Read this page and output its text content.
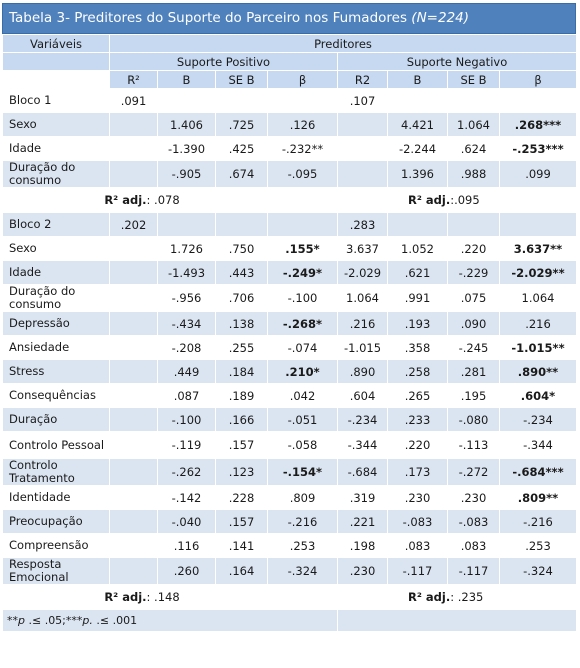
Tabela 3- Preditores do Suporte do Parceiro nos Fumadores (N=224)
Variáveis	Preditores							
	Suporte Positivo				Suporte Negativo			
	R²	B	SE B	β	R2	B	SE B	β
Bloco 1	.091				.107			
Sexo		1.406	.725	.126		4.421	1.064	.268***
Idade		-1.390	.425	-.232**		-2.244	.624	-.253***
Duração do consumo		-.905	.674	-.095		1.396	.988	.099
R² adj.: .078					R² adj.:.095			
Bloco 2	.202				.283			
Sexo		1.726	.750	.155*	3.637	1.052	.220	3.637**
Idade		-1.493	.443	-.249*	-2.029	.621	-.229	-2.029**
Duração do consumo		-.956	.706	-.100	1.064	.991	.075	1.064
Depressão		-.434	.138	-.268*	.216	.193	.090	.216
Ansiedade		-.208	.255	-.074	-1.015	.358	-.245	-1.015**
Stress		.449	.184	.210*	.890	.258	.281	.890**
Consequências		.087	.189	.042	.604	.265	.195	.604*
Duração		-.100	.166	-.051	-.234	.233	-.080	-.234
Controlo Pessoal		-.119	.157	-.058	-.344	.220	-.113	-.344
Controlo Tratamento		-.262	.123	-.154*	-.684	.173	-.272	-.684***
Identidade		-.142	.228	.809	.319	.230	.230	.809**
Preocupação		-.040	.157	-.216	.221	-.083	-.083	-.216
Compreensão		.116	.141	.253	.198	.083	.083	.253
Resposta Emocional		.260	.164	-.324	.230	-.117	-.117	-.324
R² adj.: .148					R² adj.: .235			
**p .≤ .05;***p. .≤ .001								
